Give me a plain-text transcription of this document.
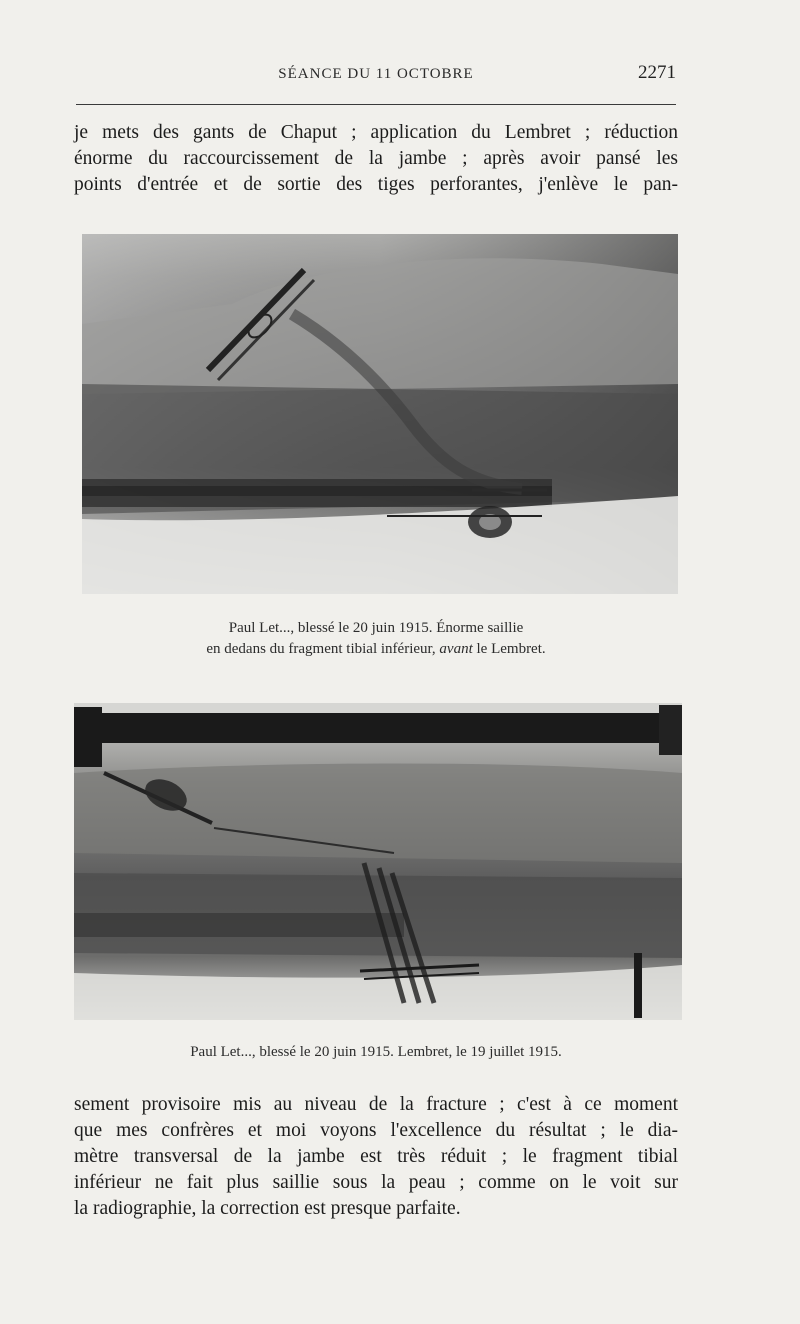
SÉANCE DU 11 OCTOBRE	2271
je mets des gants de Chaput ; application du Lembret ; réduction
énorme du raccourcissement de la jambe ; après avoir pansé les
points d'entrée et de sortie des tiges perforantes, j'enlève le pan-
Paul Let..., blessé le 20 juin 1915. Énorme saillie
en dedans du fragment tibial inférieur, avant le Lembret.
Paul Let..., blessé le 20 juin 1915. Lembret, le 19 juillet 1915.
sement provisoire mis au niveau de la fracture ; c'est à ce moment
que mes confrères et moi voyons l'excellence du résultat ; le dia-
mètre transversal de la jambe est très réduit ; le fragment tibial
inférieur ne fait plus saillie sous la peau ; comme on le voit sur
la radiographie, la correction est presque parfaite.
